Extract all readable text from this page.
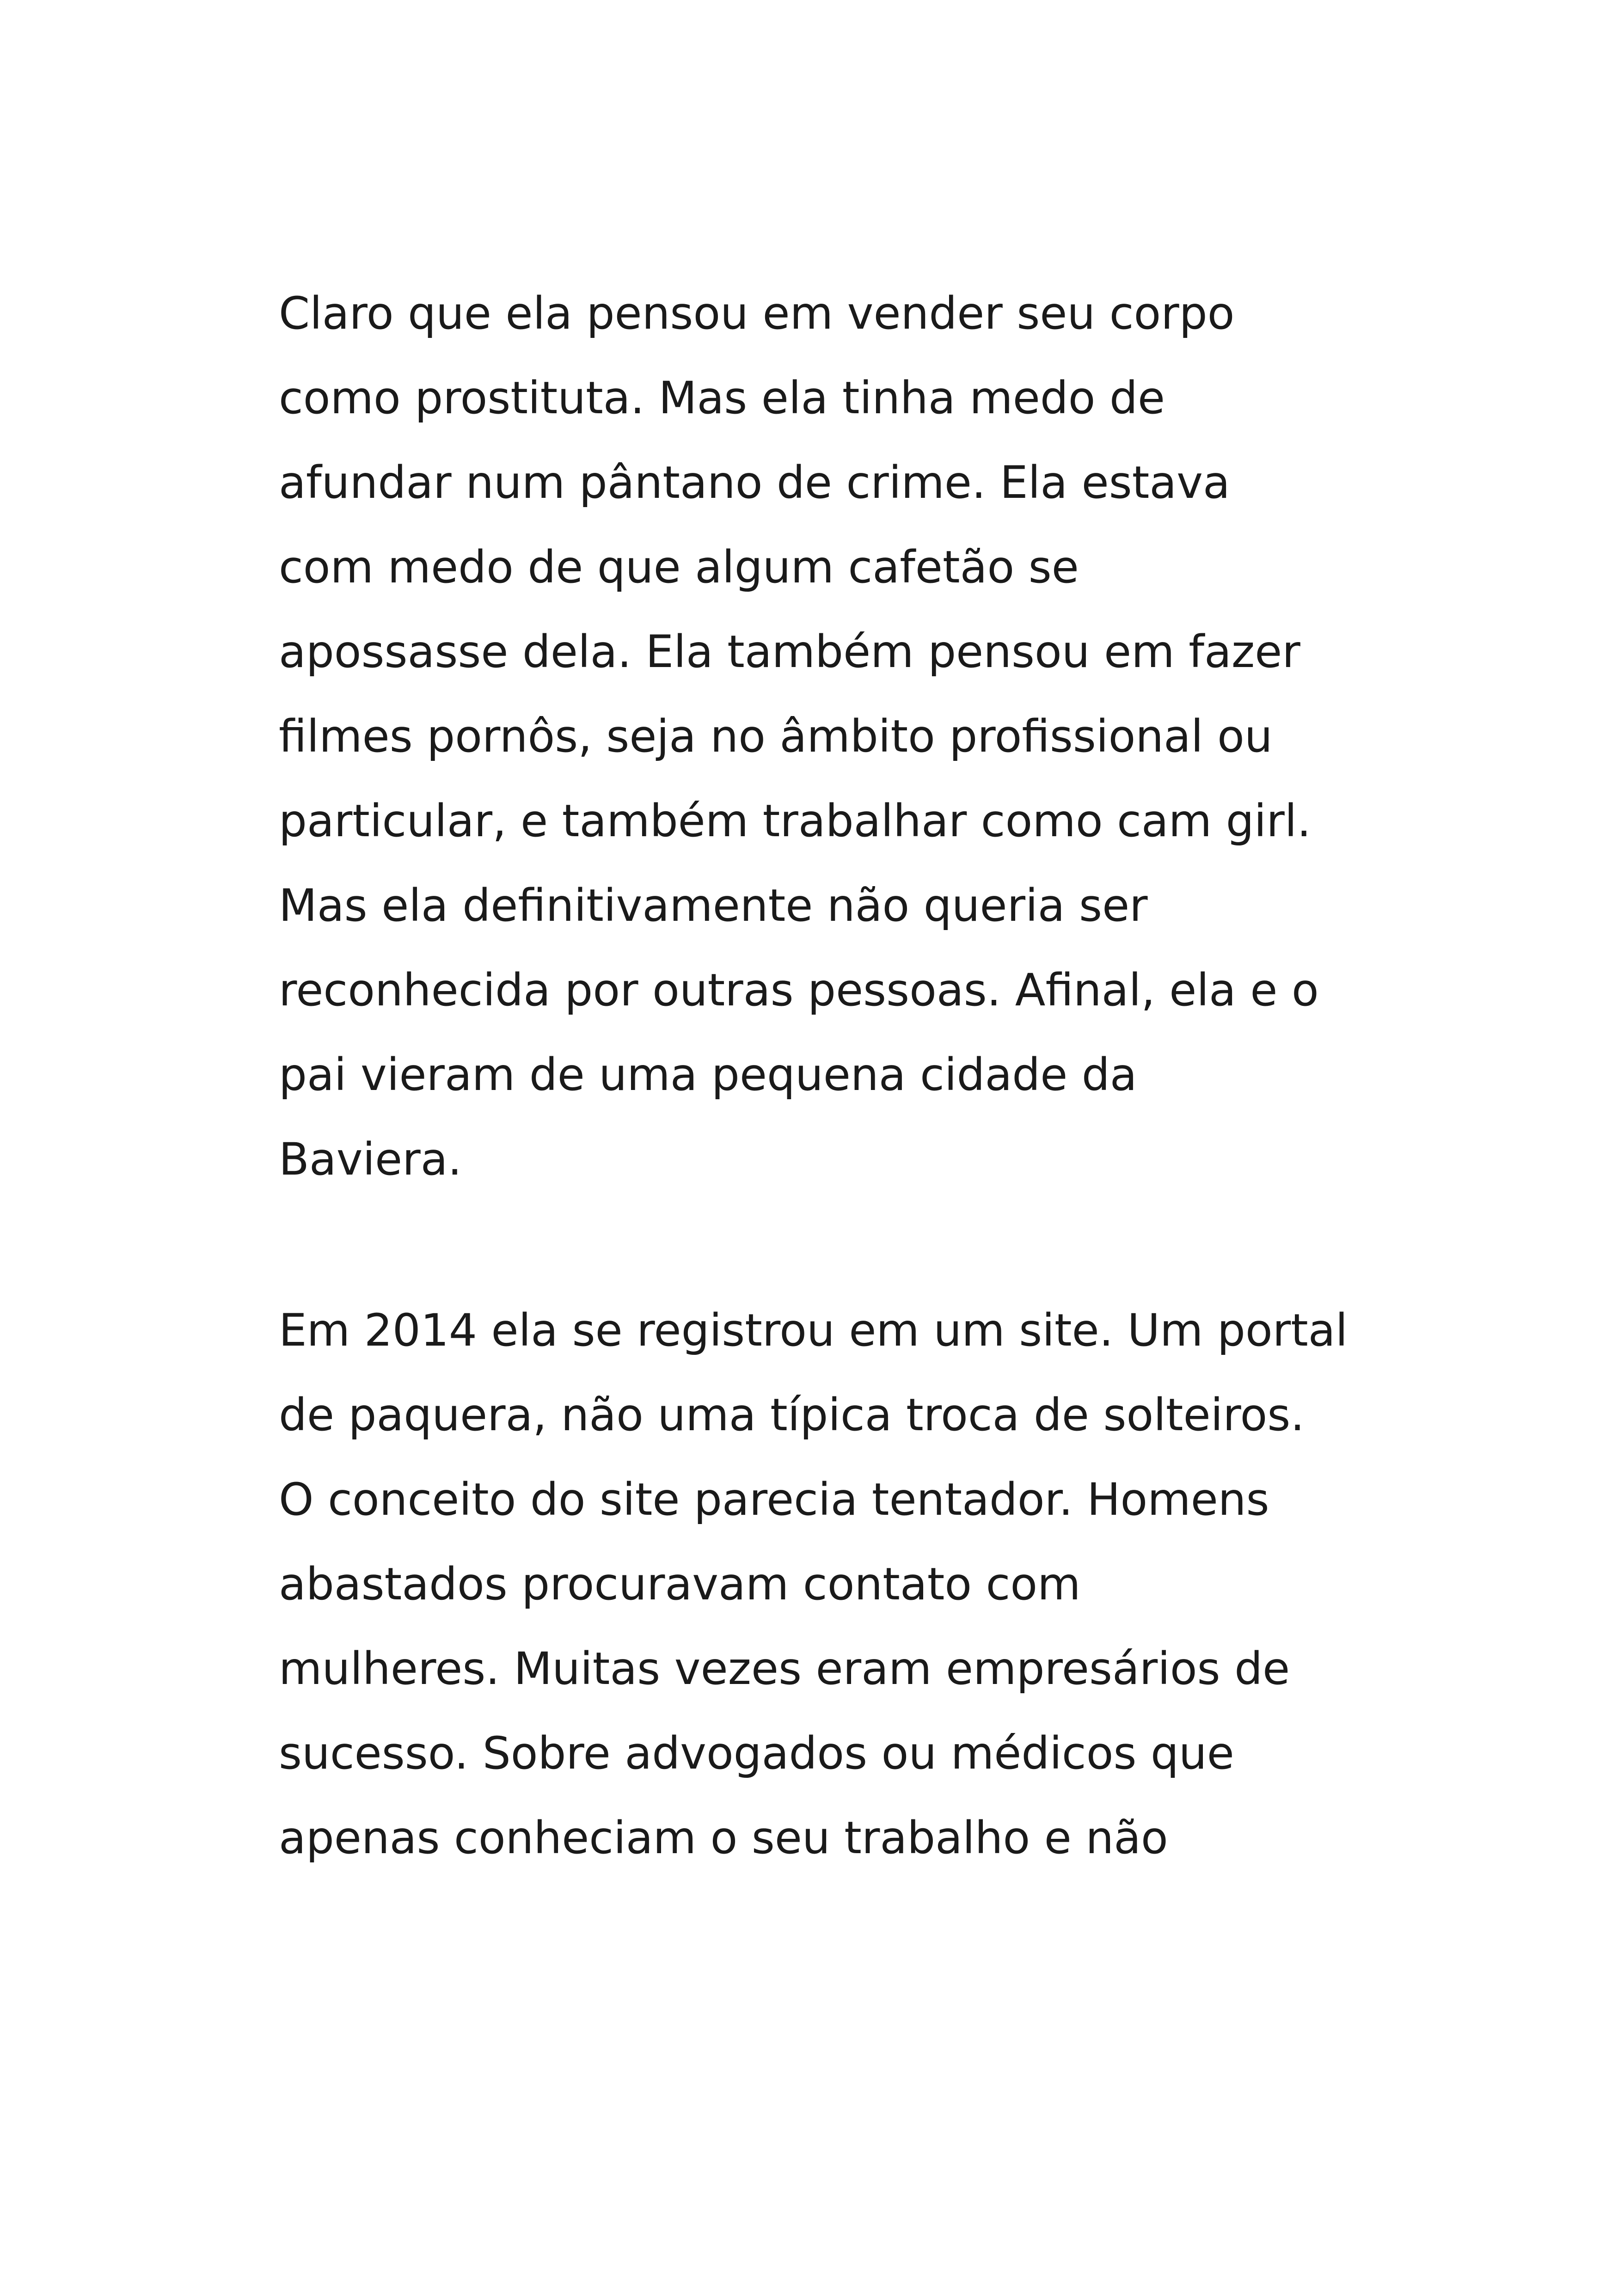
Claro que ela pensou em vender seu corpo
como prostituta. Mas ela tinha medo de
afundar num pântano de crime. Ela estava
com medo de que algum cafetão se
apossasse dela. Ela também pensou em fazer
filmes pornôs, seja no âmbito profissional ou
particular, e também trabalhar como cam girl.
Mas ela definitivamente não queria ser
reconhecida por outras pessoas. Afinal, ela e o
pai vieram de uma pequena cidade da
Baviera.

Em 2014 ela se registrou em um site. Um portal
de paquera, não uma típica troca de solteiros.
O conceito do site parecia tentador. Homens
abastados procuravam contato com
mulheres. Muitas vezes eram empresários de
sucesso. Sobre advogados ou médicos que
apenas conheciam o seu trabalho e não
